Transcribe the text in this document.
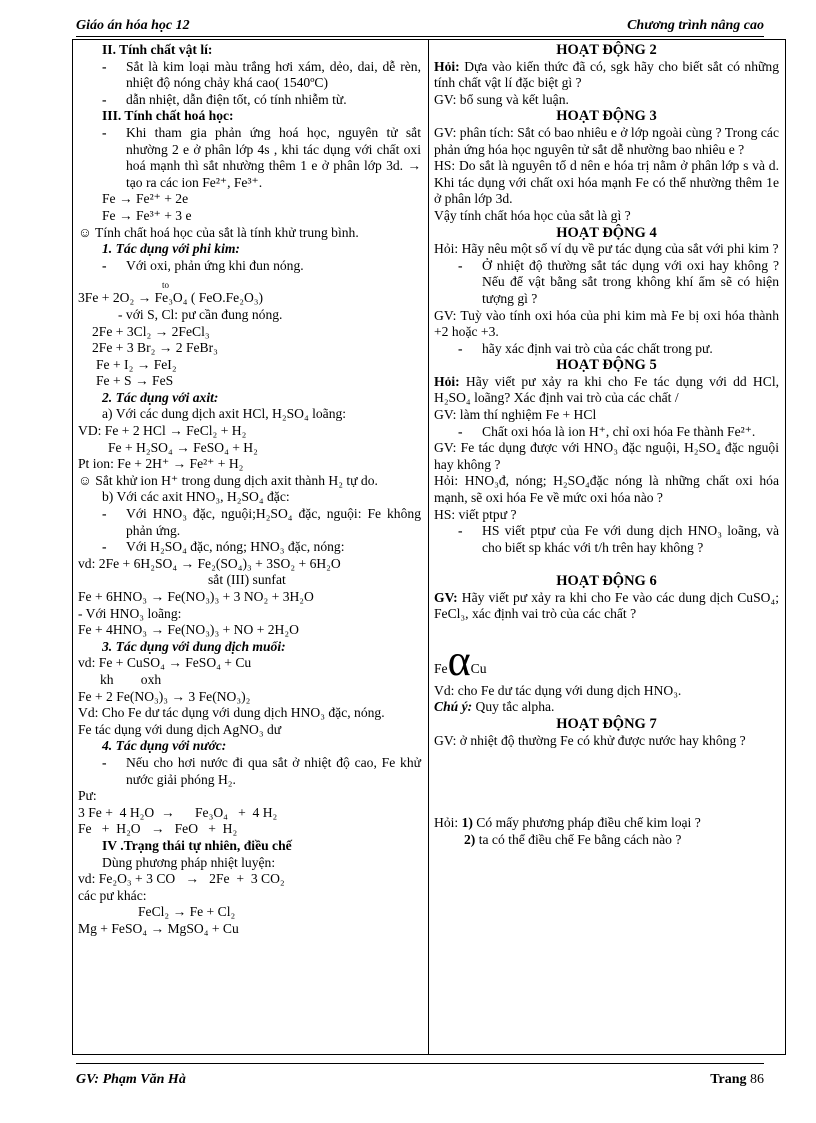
Giáo án hóa học 12	Chương trình nâng cao
II. Tính chất vật lí:
- Sắt là kim loại màu trắng hơi xám, dẻo, dai, dễ rèn, nhiệt độ nóng chảy khá cao( 1540ºC)
- dẫn nhiệt, dẫn điện tốt, có tính nhiễm từ.
III. Tính chất hoá học:
- Khi tham gia phản ứng hoá học, nguyên tử sắt nhường 2 e ở phân lớp 4s , khi tác dụng với chất oxi hoá mạnh thì sắt nhường thêm 1 e ở phân lớp 3d. → tạo ra các ion Fe²⁺, Fe³⁺.
Fe → Fe²⁺ + 2e
Fe → Fe³⁺ + 3 e
☺ Tính chất hoá học của sắt là tính khử trung bình.
1. Tác dụng với phi kim:
- Với oxi, phản ứng khi đun nóng.
to
3Fe + 2O₂ → Fe₃O₄ ( FeO.Fe₂O₃)
- với S, Cl: pư cần đung nóng.
2Fe + 3Cl₂ → 2FeCl₃
2Fe + 3 Br₂ → 2 FeBr₃
Fe + I₂ → FeI₂
Fe + S → FeS
2. Tác dụng với axit:
a) Với các dung dịch axit HCl, H₂SO₄ loãng:
VD: Fe + 2 HCl → FeCl₂ + H₂
Fe + H₂SO₄ → FeSO₄ + H₂
Pt ion: Fe + 2H⁺ → Fe²⁺ + H₂
☺ Sắt khử ion H⁺ trong dung dịch axit thành H₂ tự do.
b) Với các axit HNO₃, H₂SO₄ đặc:
- Với HNO₃ đặc, nguội;H₂SO₄ đặc, nguội: Fe không phản ứng.
- Với H₂SO₄ đặc, nóng; HNO₃ đặc, nóng:
vd: 2Fe + 6H₂SO₄ → Fe₂(SO₄)₃ + 3SO₂ + 6H₂O
sắt (III) sunfat
Fe + 6HNO₃ → Fe(NO₃)₃ + 3 NO₂ + 3H₂O
- Với HNO₃ loãng:
Fe + 4HNO₃ → Fe(NO₃)₃ + NO + 2H₂O
3. Tác dụng với dung dịch muối:
vd: Fe + CuSO₄ → FeSO₄ + Cu
kh        oxh
Fe + 2 Fe(NO₃)₃ → 3 Fe(NO₃)₂
Vd: Cho Fe dư tác dụng với dung dịch HNO₃ đặc, nóng.
Fe tác dụng với dung dịch AgNO₃ dư
4. Tác dụng với nước:
- Nếu cho hơi nước đi qua sắt ở nhiệt độ cao, Fe khử nước giải phóng H₂.
Pư:
3 Fe +  4 H₂O  →      Fe₃O₄   +  4 H₂
Fe   +  H₂O   →   FeO   +  H₂
IV .Trạng thái tự nhiên, điều chế
Dùng phương pháp nhiệt luyện:
vd: Fe₂O₃ + 3 CO   →   2Fe  +  3 CO₂
các pư khác:
FeCl₂ → Fe + Cl₂
Mg + FeSO₄ → MgSO₄ + Cu
HOẠT ĐỘNG 2
Hỏi: Dựa vào kiến thức đã có, sgk hãy cho biết sắt có những tính chất vật lí đặc biệt gì ?
GV: bổ sung và kết luận.
HOẠT ĐỘNG 3
GV: phân tích: Sắt có bao nhiêu e ở lớp ngoài cùng ? Trong các phản ứng hóa học nguyên tử sắt dễ nhường bao nhiêu e ?
HS: Do sắt là nguyên tố d nên e hóa trị nằm ở phân lớp s và d. Khi tác dụng với chất oxi hóa mạnh Fe có thể nhường thêm 1e ở phân lớp 3d.
Vậy tính chất hóa học của sắt là gì ?
HOẠT ĐỘNG 4
Hỏi: Hãy nêu một số ví dụ về pư tác dụng của sắt với phi kim ?
- Ở nhiệt độ thường sắt tác dụng với oxi hay không ? Nếu để vật bằng sắt trong không khí ẩm sẽ có hiện tượng gì ?
GV: Tuỳ vào tính oxi hóa của phi kim mà Fe bị oxi hóa thành +2 hoặc +3.
- hãy xác định vai trò của các chất trong pư.
HOẠT ĐỘNG 5
Hỏi: Hãy viết pư xảy ra khi cho Fe tác dụng với dd HCl, H₂SO₄ loãng? Xác định vai trò của các chất /
GV: làm thí nghiệm Fe + HCl
- Chất oxi hóa là ion H⁺, chỉ oxi hóa Fe thành Fe²⁺.
GV: Fe tác dụng được với HNO₃ đặc nguội, H₂SO₄ đặc nguội hay không ?
Hỏi: HNO₃đ, nóng; H₂SO₄đặc nóng là những chất oxi hóa mạnh, sẽ oxi hóa Fe về mức oxi hóa nào ?
HS: viết ptpư ?
- HS viết ptpư của Fe với dung dịch HNO₃ loãng, và cho biết sp khác với t/h trên hay không ?
HOẠT ĐỘNG 6
GV: Hãy viết pư xảy ra khi cho Fe vào các dung dịch CuSO₄; FeCl₃, xác định vai trò của các chất ?
FeαCu
Vd: cho Fe dư tác dụng với dung dịch HNO₃.
Chú ý: Quy tắc alpha.
HOẠT ĐỘNG 7
GV: ở nhiệt độ thường Fe có khử được nước hay không ?
Hỏi: 1) Có mấy phương pháp điều chế kim loại ?
2) ta có thể điều chế Fe bằng cách nào ?
GV: Phạm Văn Hà	Trang 86
